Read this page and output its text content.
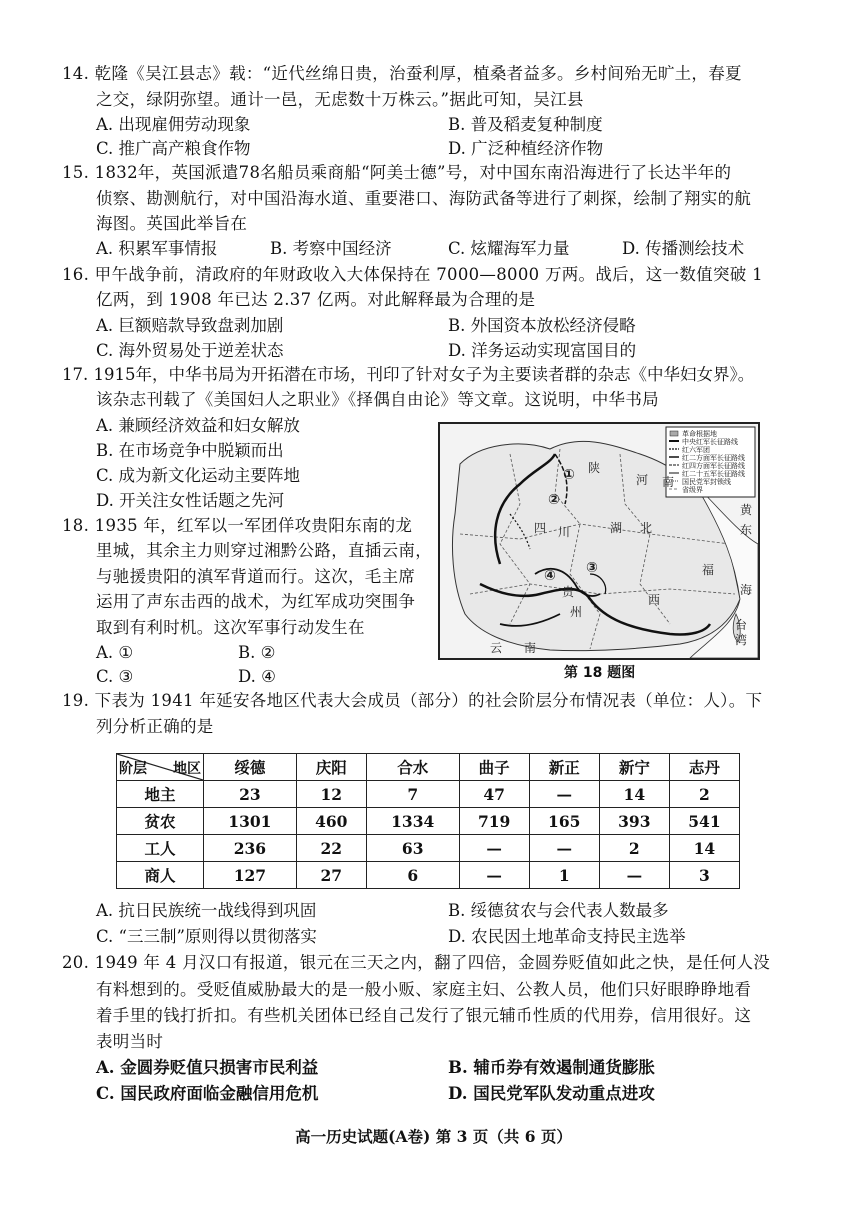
14. 乾隆《吴江县志》载：“近代丝绵日贵，治蚕利厚，植桑者益多。乡村间殆无旷土，春夏
之交，绿阴弥望。通计一邑，无虑数十万株云。”据此可知，吴江县
A. 出现雇佣劳动现象	B. 普及稻麦复种制度
C. 推广高产粮食作物	D. 广泛种植经济作物
15. 1832年，英国派遣78名船员乘商船“阿美士德”号，对中国东南沿海进行了长达半年的
侦察、勘测航行，对中国沿海水道、重要港口、海防武备等进行了刺探，绘制了翔实的航
海图。英国此举旨在
A. 积累军事情报	B. 考察中国经济	C. 炫耀海军力量	D. 传播测绘技术
16. 甲午战争前，清政府的年财政收入大体保持在 7000—8000 万两。战后，这一数值突破 1
亿两，到 1908 年已达 2.37 亿两。对此解释最为合理的是
A. 巨额赔款导致盘剥加剧	B. 外国资本放松经济侵略
C. 海外贸易处于逆差状态	D. 洋务运动实现富国目的
17. 1915年，中华书局为开拓潜在市场，刊印了针对女子为主要读者群的杂志《中华妇女界》。
该杂志刊载了《美国妇人之职业》《择偶自由论》等文章。这说明，中华书局
A. 兼顾经济效益和妇女解放
B. 在市场竞争中脱颖而出
C. 成为新文化运动主要阵地
D. 开关注女性话题之先河
18. 1935 年，红军以一军团佯攻贵阳东南的龙
里城，其余主力则穿过湘黔公路，直插云南，
与驰援贵阳的滇军背道而行。这次，毛主席
运用了声东击西的战术，为红军成功突围争
取到有利时机。这次军事行动发生在
A. ①	B. ②
C. ③	D. ④
革命根据地
中央红军长征路线
红六军团
红二方面军长征路线
红四方面军长征路线
红二十五军长征路线
国民党军封锁线
省级界
陕
河 南
四 川	湖 北
贵
州
云 南
西
东
海
黄
福
台
湾
①
②
③
④
第 18 题图
19. 下表为 1941 年延安各地区代表大会成员（部分）的社会阶层分布情况表（单位：人）。下
列分析正确的是
阶层 地区	绥德	庆阳	合水	曲子	新正	新宁	志丹
地主	23	12	7	47	—	14	2
贫农	1301	460	1334	719	165	393	541
工人	236	22	63	—	—	2	14
商人	127	27	6	—	1	—	3
A. 抗日民族统一战线得到巩固	B. 绥德贫农与会代表人数最多
C. “三三制”原则得以贯彻落实	D. 农民因土地革命支持民主选举
20. 1949 年 4 月汉口有报道，银元在三天之内，翻了四倍，金圆券贬值如此之快，是任何人没
有料想到的。受贬值威胁最大的是一般小贩、家庭主妇、公教人员，他们只好眼睁睁地看
着手里的钱打折扣。有些机关团体已经自己发行了银元辅币性质的代用券，信用很好。这
表明当时
A. 金圆券贬值只损害市民利益	B. 辅币券有效遏制通货膨胀
C. 国民政府面临金融信用危机	D. 国民党军队发动重点进攻
高一历史试题(A卷) 第 3 页（共 6 页）
